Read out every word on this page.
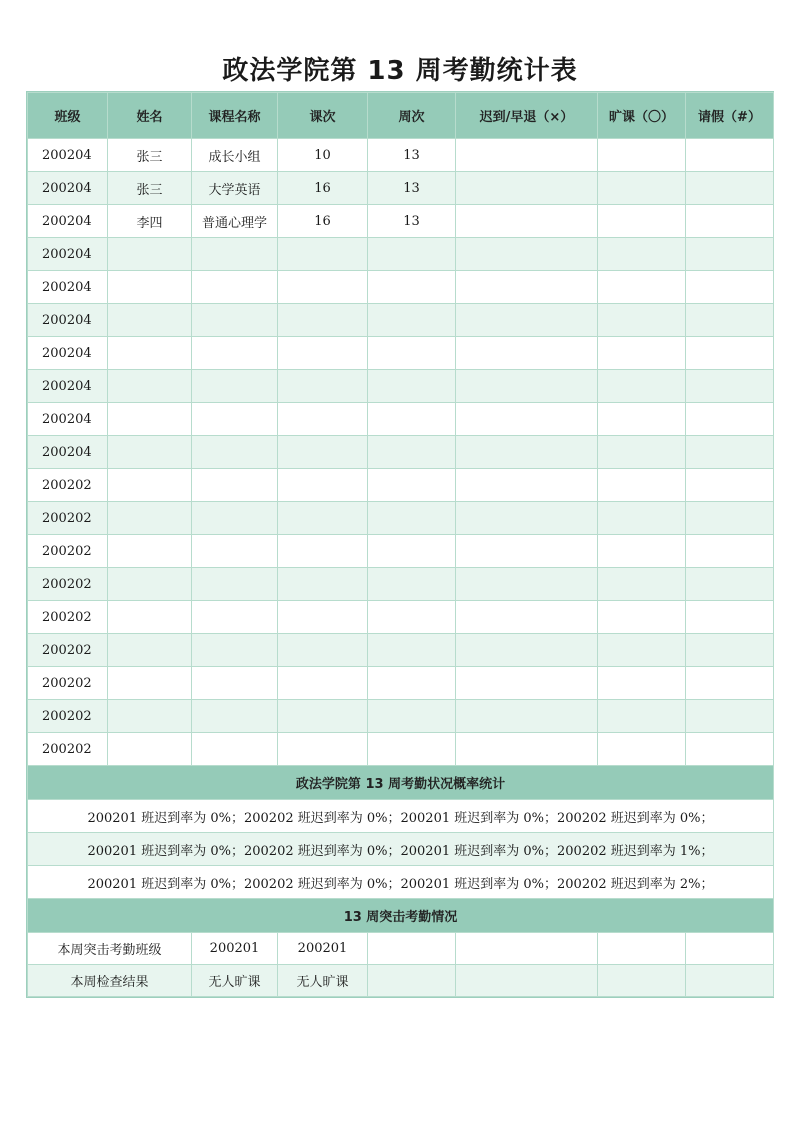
政法学院第 13 周考勤统计表
班级	姓名	课程名称	课次	周次	迟到/早退（×）	旷课（〇）	请假（#）
200204	张三	成长小组	10	13			
200204	张三	大学英语	16	13			
200204	李四	普通心理学	16	13			
200204							
200204							
200204							
200204							
200204							
200204							
200204							
200202							
200202							
200202							
200202							
200202							
200202							
200202							
200202							
200202							
政法学院第 13 周考勤状况概率统计							
200201 班迟到率为 0%；200202 班迟到率为 0%；200201 班迟到率为 0%；200202 班迟到率为 0%；							
200201 班迟到率为 0%；200202 班迟到率为 0%；200201 班迟到率为 0%；200202 班迟到率为 1%；							
200201 班迟到率为 0%；200202 班迟到率为 0%；200201 班迟到率为 0%；200202 班迟到率为 2%；							
13 周突击考勤情况							
本周突击考勤班级		200201	200201				
本周检查结果		无人旷课	无人旷课				
